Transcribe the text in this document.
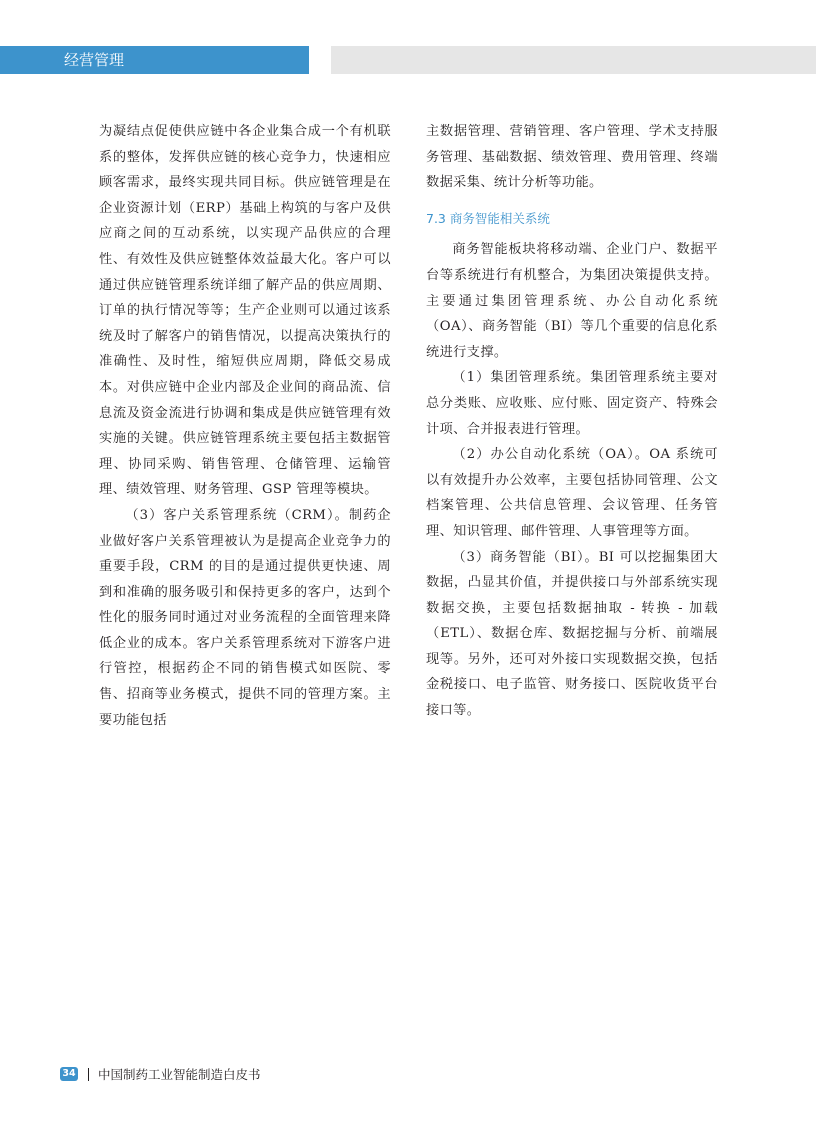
经营管理

为凝结点促使供应链中各企业集合成一个有机联系的整体，发挥供应链的核心竞争力，快速相应顾客需求，最终实现共同目标。供应链管理是在企业资源计划（ERP）基础上构筑的与客户及供应商之间的互动系统，以实现产品供应的合理性、有效性及供应链整体效益最大化。客户可以通过供应链管理系统详细了解产品的供应周期、订单的执行情况等等；生产企业则可以通过该系统及时了解客户的销售情况，以提高决策执行的准确性、及时性，缩短供应周期，降低交易成本。对供应链中企业内部及企业间的商品流、信息流及资金流进行协调和集成是供应链管理有效实施的关键。供应链管理系统主要包括主数据管理、协同采购、销售管理、仓储管理、运输管理、绩效管理、财务管理、GSP 管理等模块。

（3）客户关系管理系统（CRM）。制药企业做好客户关系管理被认为是提高企业竞争力的重要手段，CRM 的目的是通过提供更快速、周到和准确的服务吸引和保持更多的客户，达到个性化的服务同时通过对业务流程的全面管理来降低企业的成本。客户关系管理系统对下游客户进行管控，根据药企不同的销售模式如医院、零售、招商等业务模式，提供不同的管理方案。主要功能包括

主数据管理、营销管理、客户管理、学术支持服务管理、基础数据、绩效管理、费用管理、终端数据采集、统计分析等功能。

7.3 商务智能相关系统

商务智能板块将移动端、企业门户、数据平台等系统进行有机整合，为集团决策提供支持。主要通过集团管理系统、办公自动化系统（OA）、商务智能（BI）等几个重要的信息化系统进行支撑。

（1）集团管理系统。集团管理系统主要对总分类账、应收账、应付账、固定资产、特殊会计项、合并报表进行管理。

（2）办公自动化系统（OA）。OA 系统可以有效提升办公效率，主要包括协同管理、公文档案管理、公共信息管理、会议管理、任务管理、知识管理、邮件管理、人事管理等方面。

（3）商务智能（BI）。BI 可以挖掘集团大数据，凸显其价值，并提供接口与外部系统实现数据交换，主要包括数据抽取 - 转换 - 加载（ETL）、数据仓库、数据挖掘与分析、前端展现等。另外，还可对外接口实现数据交换，包括金税接口、电子监管、财务接口、医院收货平台接口等。

34 中国制药工业智能制造白皮书
